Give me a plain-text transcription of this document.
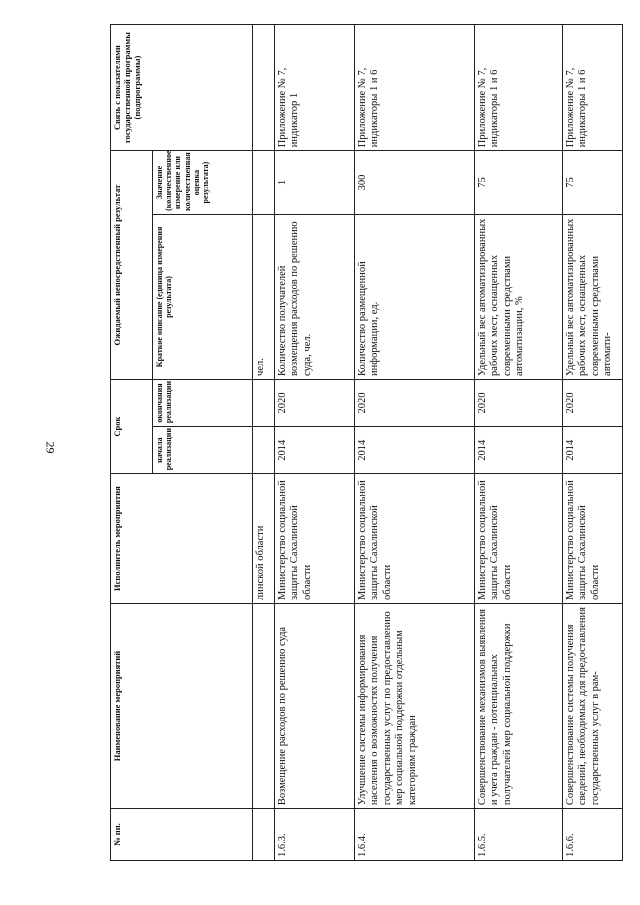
29
№ пп.	Наименование мероприятий	Исполнитель мероприятия	Срок		Ожидаемый непосредственный результат		Связь с показателями государственной программы (подпрограммы)
			начала реализации	окончания реализации	Краткое описание (единица измерения результата)	Значение (количественное измерение или количественная оценка результата)	
		линской области			чел.		
1.6.3.	Возмещение расходов по решению суда	Министерство социальной защиты Сахалинской области	2014	2020	Количество получателей возмещения расходов по решению суда, чел.	1	Приложение № 7, индикатор 1
1.6.4.	Улучшение системы информирования населения о возможностях получения государственных услуг по предоставлению мер социальной поддержки отдельным категориям граждан	Министерство социальной защиты Сахалинской области	2014	2020	Количество размещенной информации, ед.	300	Приложение № 7, индикаторы 1 и 6
1.6.5.	Совершенствование механизмов выявления и учета граждан - потенциальных получателей мер социальной поддержки	Министерство социальной защиты Сахалинской области	2014	2020	Удельный вес автоматизированных рабочих мест, оснащенных современными средствами автоматизации, %	75	Приложение № 7, индикаторы 1 и 6
1.6.6.	Совершенствование системы получения сведений, необходимых для предоставления государственных услуг в рам-	Министерство социальной защиты Сахалинской области	2014	2020	Удельный вес автоматизированных рабочих мест, оснащенных современными средствами автомати-	75	Приложение № 7, индикаторы 1 и 6
